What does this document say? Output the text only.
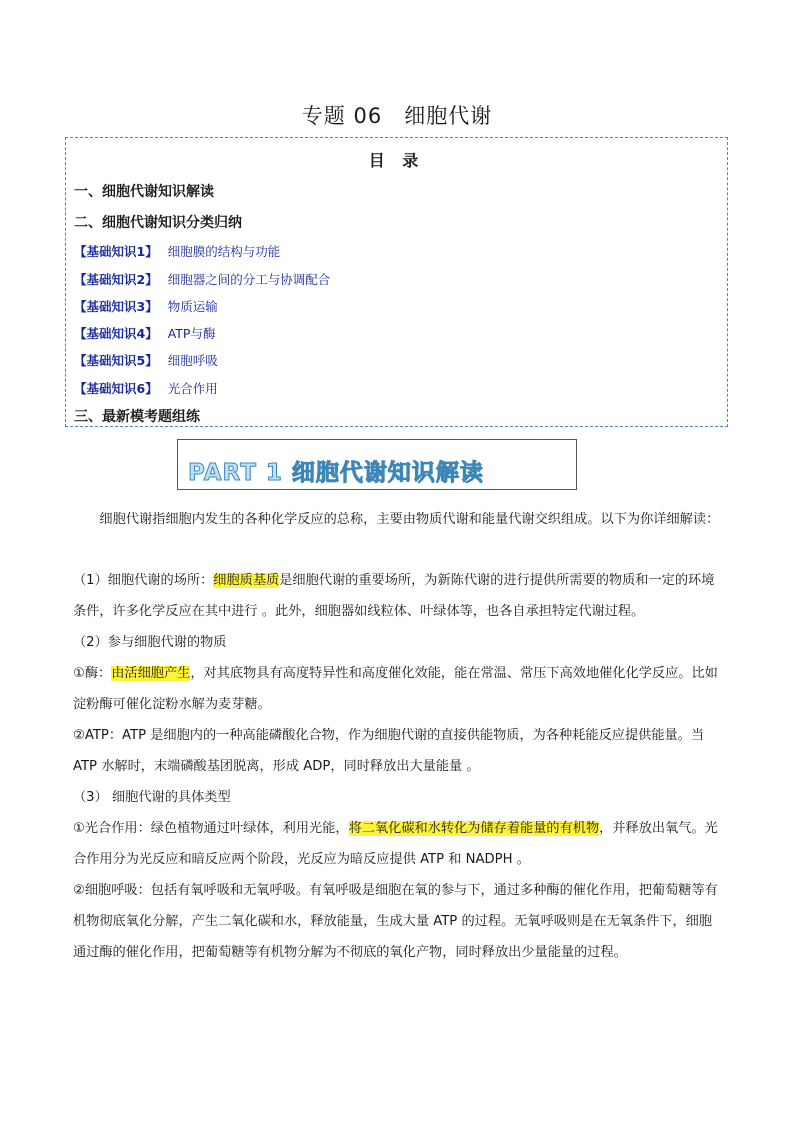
专题 06　细胞代谢
目 录
一、细胞代谢知识解读
二、细胞代谢知识分类归纳
【基础知识1】 细胞膜的结构与功能
【基础知识2】 细胞器之间的分工与协调配合
【基础知识3】 物质运输
【基础知识4】 ATP与酶
【基础知识5】 细胞呼吸
【基础知识6】 光合作用
三、最新模考题组练
PART 1 细胞代谢知识解读
细胞代谢指细胞内发生的各种化学反应的总称，主要由物质代谢和能量代谢交织组成。以下为你详细解读：
（1）细胞代谢的场所：细胞质基质是细胞代谢的重要场所，为新陈代谢的进行提供所需要的物质和一定的环境条件，许多化学反应在其中进行 。此外，细胞器如线粒体、叶绿体等，也各自承担特定代谢过程。
（2）参与细胞代谢的物质
①酶：由活细胞产生，对其底物具有高度特异性和高度催化效能，能在常温、常压下高效地催化化学反应。比如淀粉酶可催化淀粉水解为麦芽糖。
②ATP：ATP 是细胞内的一种高能磷酸化合物，作为细胞代谢的直接供能物质，为各种耗能反应提供能量。当 ATP 水解时，末端磷酸基团脱离，形成 ADP，同时释放出大量能量 。
（3） 细胞代谢的具体类型
①光合作用：绿色植物通过叶绿体，利用光能，将二氧化碳和水转化为储存着能量的有机物，并释放出氧气。光合作用分为光反应和暗反应两个阶段，光反应为暗反应提供 ATP 和 NADPH 。
②细胞呼吸：包括有氧呼吸和无氧呼吸。有氧呼吸是细胞在氧的参与下，通过多种酶的催化作用，把葡萄糖等有机物彻底氧化分解，产生二氧化碳和水，释放能量，生成大量 ATP 的过程。无氧呼吸则是在无氧条件下，细胞通过酶的催化作用，把葡萄糖等有机物分解为不彻底的氧化产物，同时释放出少量能量的过程。
